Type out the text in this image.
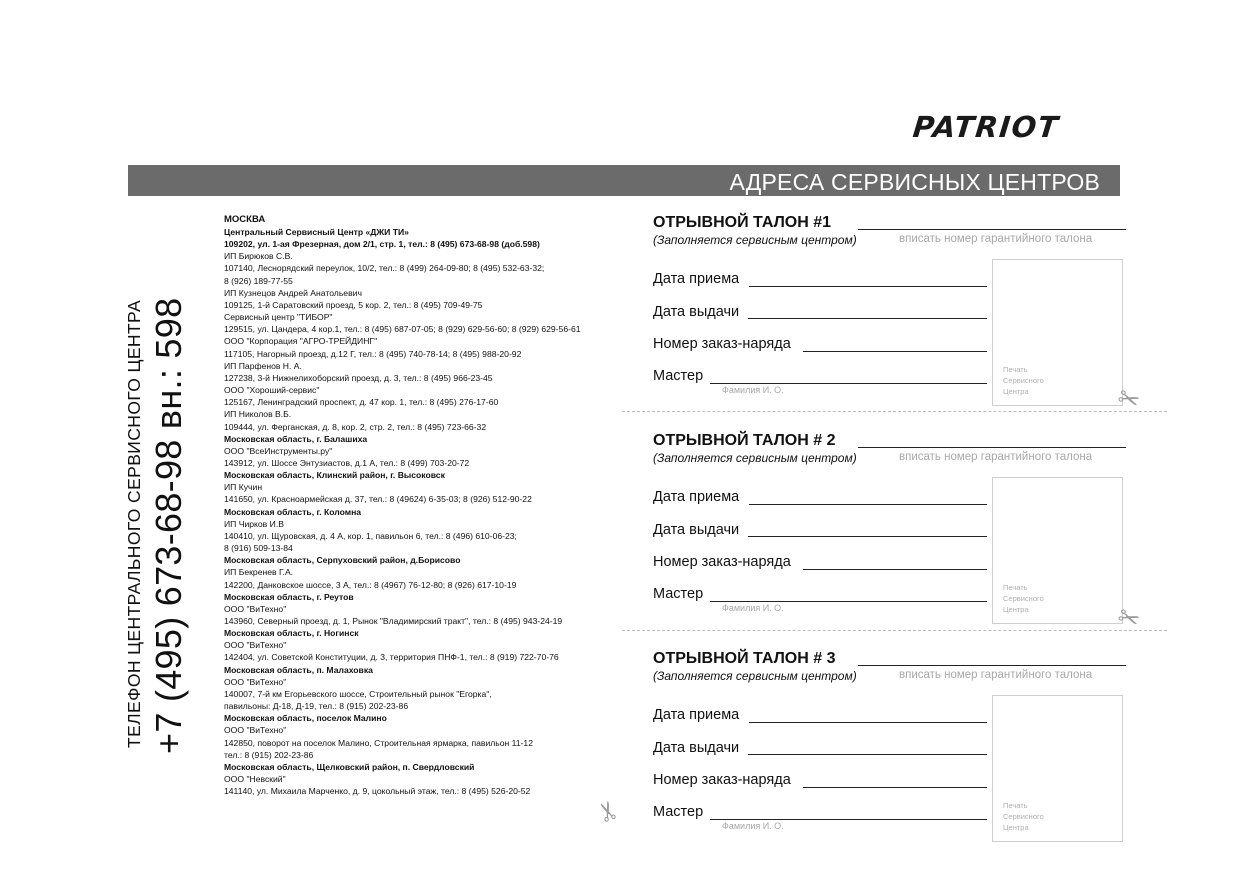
PATRIOT
АДРЕСА СЕРВИСНЫХ ЦЕНТРОВ
ТЕЛЕФОН ЦЕНТРАЛЬНОГО СЕРВИСНОГО ЦЕНТРА +7 (495) 673-68-98 вн.: 598
МОСКВА
Центральный Сервисный Центр «ДЖИ ТИ»
109202, ул. 1-ая Фрезерная, дом 2/1, стр. 1, тел.: 8 (495) 673-68-98 (доб.598)
ИП Бирюков С.В.
107140, Леснорядский переулок, 10/2, тел.: 8 (499) 264-09-80; 8 (495) 532-63-32;
8 (926) 189-77-55
ИП Кузнецов Андрей Анатольевич
109125, 1-й Саратовский проезд, 5 кор. 2, тел.: 8 (495) 709-49-75
Сервисный центр "ТИБОР"
129515, ул. Цандера, 4 кор.1, тел.: 8 (495) 687-07-05; 8 (929) 629-56-60; 8 (929) 629-56-61
ООО "Корпорация "АГРО-ТРЕЙДИНГ"
117105, Нагорный проезд, д.12 Г, тел.: 8 (495) 740-78-14; 8 (495) 988-20-92
ИП Парфенов Н. А.
127238, 3-й Нижнелихоборский проезд, д. 3, тел.: 8 (495) 966-23-45
ООО "Хороший-сервис"
125167, Ленинградский проспект, д. 47 кор. 1, тел.: 8 (495) 276-17-60
ИП Николов В.Б.
109444, ул. Ферганская, д. 8, кор. 2, стр. 2, тел.: 8 (495) 723-66-32
Московская область, г. Балашиха
ООО "ВсеИнструменты.ру"
143912, ул. Шоссе Энтузиастов, д.1 А, тел.: 8 (499) 703-20-72
Московская область, Клинский район, г. Высоковск
ИП Кучин
141650, ул. Красноармейская д. 37, тел.: 8 (49624) 6-35-03; 8 (926) 512-90-22
Московская область, г. Коломна
ИП Чирков И.В
140410, ул. Щуровская, д. 4 А, кор. 1, павильон 6, тел.: 8 (496) 610-06-23;
8 (916) 509-13-84
Московская область, Серпуховский район, д.Борисово
ИП Бекренев Г.А.
142200, Данковское шоссе, 3 А, тел.: 8 (4967) 76-12-80; 8 (926) 617-10-19
Московская область, г. Реутов
ООО "ВиТехно"
143960, Северный проезд, д. 1, Рынок "Владимирский тракт", тел.: 8 (495) 943-24-19
Московская область, г. Ногинск
ООО "ВиТехно"
142404, ул. Советской Конституции, д. 3, территория ПНФ-1, тел.: 8 (919) 722-70-76
Московская область, п. Малаховка
ООО "ВиТехно"
140007, 7-й км Егорьевского шоссе, Строительный рынок "Егорка",
павильоны: Д-18, Д-19, тел.: 8 (915) 202-23-86
Московская область, поселок Малино
ООО "ВиТехно"
142850, поворот на поселок Малино, Строительная ярмарка, павильон 11-12
тел.: 8 (915) 202-23-86
Московская область, Щелковский район, п. Свердловский
ООО "Невский"
141140, ул. Михаила Марченко, д. 9, цокольный этаж, тел.: 8 (495) 526-20-52
ОТРЫВНОЙ ТАЛОН #1
(Заполняется сервисным центром)	вписать номер гарантийного талона
Дата приема
Дата выдачи
Номер заказ-наряда
Мастер
Фамилия И. О.
Печать
Сервисного
Центра	✂
ОТРЫВНОЙ ТАЛОН # 2
(Заполняется сервисным центром)	вписать номер гарантийного талона
Дата приема
Дата выдачи
Номер заказ-наряда
Мастер
Фамилия И. О.
Печать
Сервисного
Центра	✂
ОТРЫВНОЙ ТАЛОН # 3
(Заполняется сервисным центром)	вписать номер гарантийного талона
Дата приема
Дата выдачи
Номер заказ-наряда
Мастер
Фамилия И. О.
Печать
Сервисного
Центра
✂
